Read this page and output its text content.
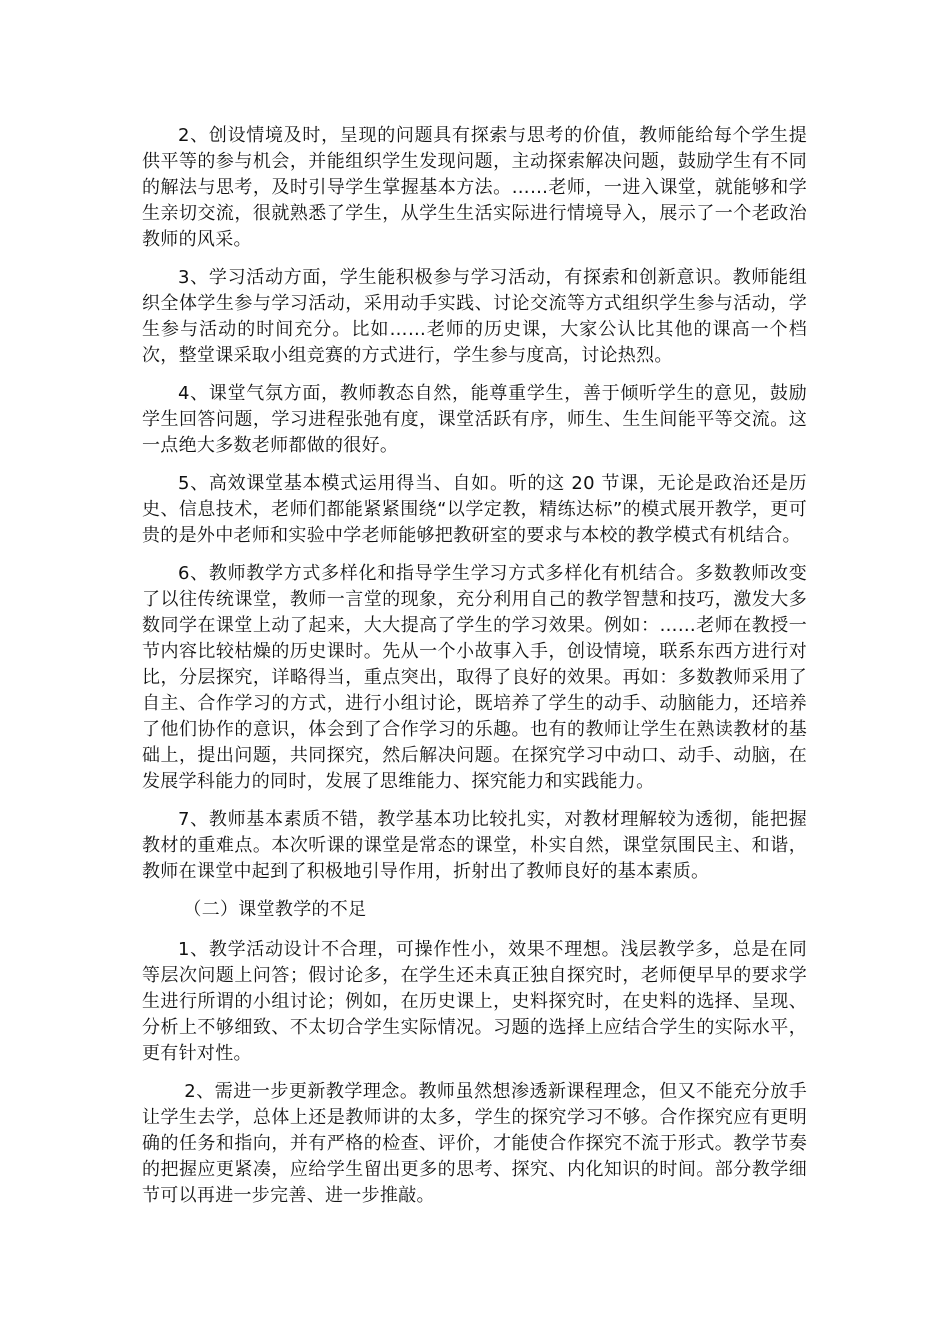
2、创设情境及时，呈现的问题具有探索与思考的价值，教师能给每个学生提供平等的参与机会，并能组织学生发现问题，主动探索解决问题，鼓励学生有不同的解法与思考，及时引导学生掌握基本方法。……老师，一进入课堂，就能够和学生亲切交流，很就熟悉了学生，从学生生活实际进行情境导入，展示了一个老政治教师的风采。

3、学习活动方面，学生能积极参与学习活动，有探索和创新意识。教师能组织全体学生参与学习活动，采用动手实践、讨论交流等方式组织学生参与活动，学生参与活动的时间充分。比如……老师的历史课，大家公认比其他的课高一个档次，整堂课采取小组竞赛的方式进行，学生参与度高，讨论热烈。

4、课堂气氛方面，教师教态自然，能尊重学生，善于倾听学生的意见，鼓励学生回答问题，学习进程张弛有度，课堂活跃有序，师生、生生间能平等交流。这一点绝大多数老师都做的很好。

5、高效课堂基本模式运用得当、自如。听的这 20 节课，无论是政治还是历史、信息技术，老师们都能紧紧围绕“以学定教，精练达标”的模式展开教学，更可贵的是外中老师和实验中学老师能够把教研室的要求与本校的教学模式有机结合。

6、教师教学方式多样化和指导学生学习方式多样化有机结合。多数教师改变了以往传统课堂，教师一言堂的现象，充分利用自己的教学智慧和技巧，激发大多数同学在课堂上动了起来，大大提高了学生的学习效果。例如：……老师在教授一节内容比较枯燥的历史课时。先从一个小故事入手，创设情境，联系东西方进行对比，分层探究，详略得当，重点突出，取得了良好的效果。再如：多数教师采用了自主、合作学习的方式，进行小组讨论，既培养了学生的动手、动脑能力，还培养了他们协作的意识，体会到了合作学习的乐趣。也有的教师让学生在熟读教材的基础上，提出问题，共同探究，然后解决问题。在探究学习中动口、动手、动脑，在发展学科能力的同时，发展了思维能力、探究能力和实践能力。

7、教师基本素质不错，教学基本功比较扎实，对教材理解较为透彻，能把握教材的重难点。本次听课的课堂是常态的课堂，朴实自然，课堂氛围民主、和谐，教师在课堂中起到了积极地引导作用，折射出了教师良好的基本素质。

（二）课堂教学的不足

1、教学活动设计不合理，可操作性小，效果不理想。浅层教学多，总是在同等层次问题上问答；假讨论多，在学生还未真正独自探究时，老师便早早的要求学生进行所谓的小组讨论；例如，在历史课上，史料探究时，在史料的选择、呈现、分析上不够细致、不太切合学生实际情况。习题的选择上应结合学生的实际水平，更有针对性。

2、需进一步更新教学理念。教师虽然想渗透新课程理念，但又不能充分放手让学生去学，总体上还是教师讲的太多，学生的探究学习不够。合作探究应有更明确的任务和指向，并有严格的检查、评价，才能使合作探究不流于形式。教学节奏的把握应更紧凑，应给学生留出更多的思考、探究、内化知识的时间。部分教学细节可以再进一步完善、进一步推敲。
